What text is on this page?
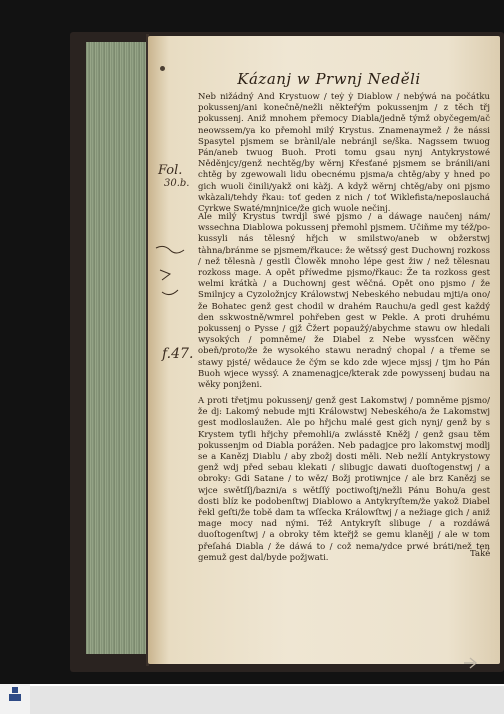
Kázanj w Prwnj Neděli
Fol.
30.b.
f.47.
Neb nižádný And Krystuow / teẏ ẏ Diablow / nebýwá na počátku pokussenj/ani konečně/nežli někteřým pokussenjm / z těch třj pokussenj. Aniž mnohem přemocy Diabla/jedně týmž obyčegem/ač neowssem/ya ko přemohl milý Krystus. Znamenaymež / že nássi Spasytel pjsmem se brànil/ale nebránjl se/ška. Nagssem twuog Pán/aneb twuog Buoh. Proti tomu gsau nynj Antykrystowé Něděnjcy/genž nechtěg/by wěrnj Křesťané pjsmem se bránili/ani chtěg by zgewowali lidu obecnému pjsma/a chtěg/aby y hned po gich wuoli činili/yakž oni kàžj. A když wěrnj chtěg/aby oni pjsmo wkàzali/tehdy řkau: toť geden z nich / toť Wiklefista/neposlauchá Cyrkwe Swaté/mnjnice/že gich wuole nečinj.
Ale milý Krystus twrdjl swé pjsmo / a dáwage naučenj nám/ wssechna Diablowa pokussenj přemohl pjsmem. Učiňme my též/pokussyli nás tělesný hřjch w smilstwo/aneb w obžerstwj tàhna/bránme se pjsmem/řkauce: že wětssý gest Duchownj rozkoss / než tělesnà / gestli Člowěk mnoho lépe gest žiw / než tělesnau rozkoss mage. A opět příwedme pjsmo/řkauc: Že ta rozkoss gest welmi krátkà / a Duchownj gest wěčná. Opět ono pjsmo / že Smilnjcy a Cyzoložnjcy Králowstwj Nebeského nebudau mjti/a ono/ že Bohatec genž gest chodil w drahém Rauchu/a gedl gest každý den sskwostně/wmrel pohřeben gest w Pekle. A proti druhému pokussenj o Pysse / gjž Čžert popaužý/abychme stawu ow hledali wysokých / pomněme/ že Diabel z Nebe wyssťcen wěčny obeň/proto/že že wysokého stawu neradný chopal / a třeme se stawy pjsté/ wědauce že čým se kdo zde wjece mjssj / tjm ho Pán Buoh wjece wyssý. A znamenagjce/kterak zde powyssenj budau na wěky ponjženi.
A proti třetjmu pokussenj/ genž gest Lakomstwj / pomněme pjsmo/že dj: Lakomý nebude mjti Králowstwj Nebeského/a že Lakomstwj gest modloslaužen. Ale po hřjchu malé gest gich nynj/ genž by s Krystem tyťli hřjchy přemohli/a zwlásstě Kněžj / genž gsau těm pokussenjm od Diabla porážen. Neb padagjce pro lakomstwj modlj se a Kanězj Diablu / aby zbožj dosti měli. Neb nežlí Antykrystowy genž wdj před sebau klekati / slibugjc dawati duoſtogenstwj / a obroky: Gdi Satane / to wěz/ Božj protiwnjce / ale brz Kanězj se wjce swětſſj/bazni/a s wětſſý poctiwoſtj/nežli Pánu Bohu/a gest dosti blíz ke podobenſtwj Diablowo a Antykryſtem/že yakož Diabel řekl geſti/že tobě dam ta wſſecka Králowſtwj / a nežiage gich / aniž mage mocy nad nými. Též Antykryſt slibuge / a rozdáwá duoſtogenſtwj / a obroky těm kteřjž se gemu klanějj / ale w tom přeſahá Diabla / že dáwá to / což nema/ydce prwé bráti/než ten gemuž gest dal/byde požjwati.	Také
